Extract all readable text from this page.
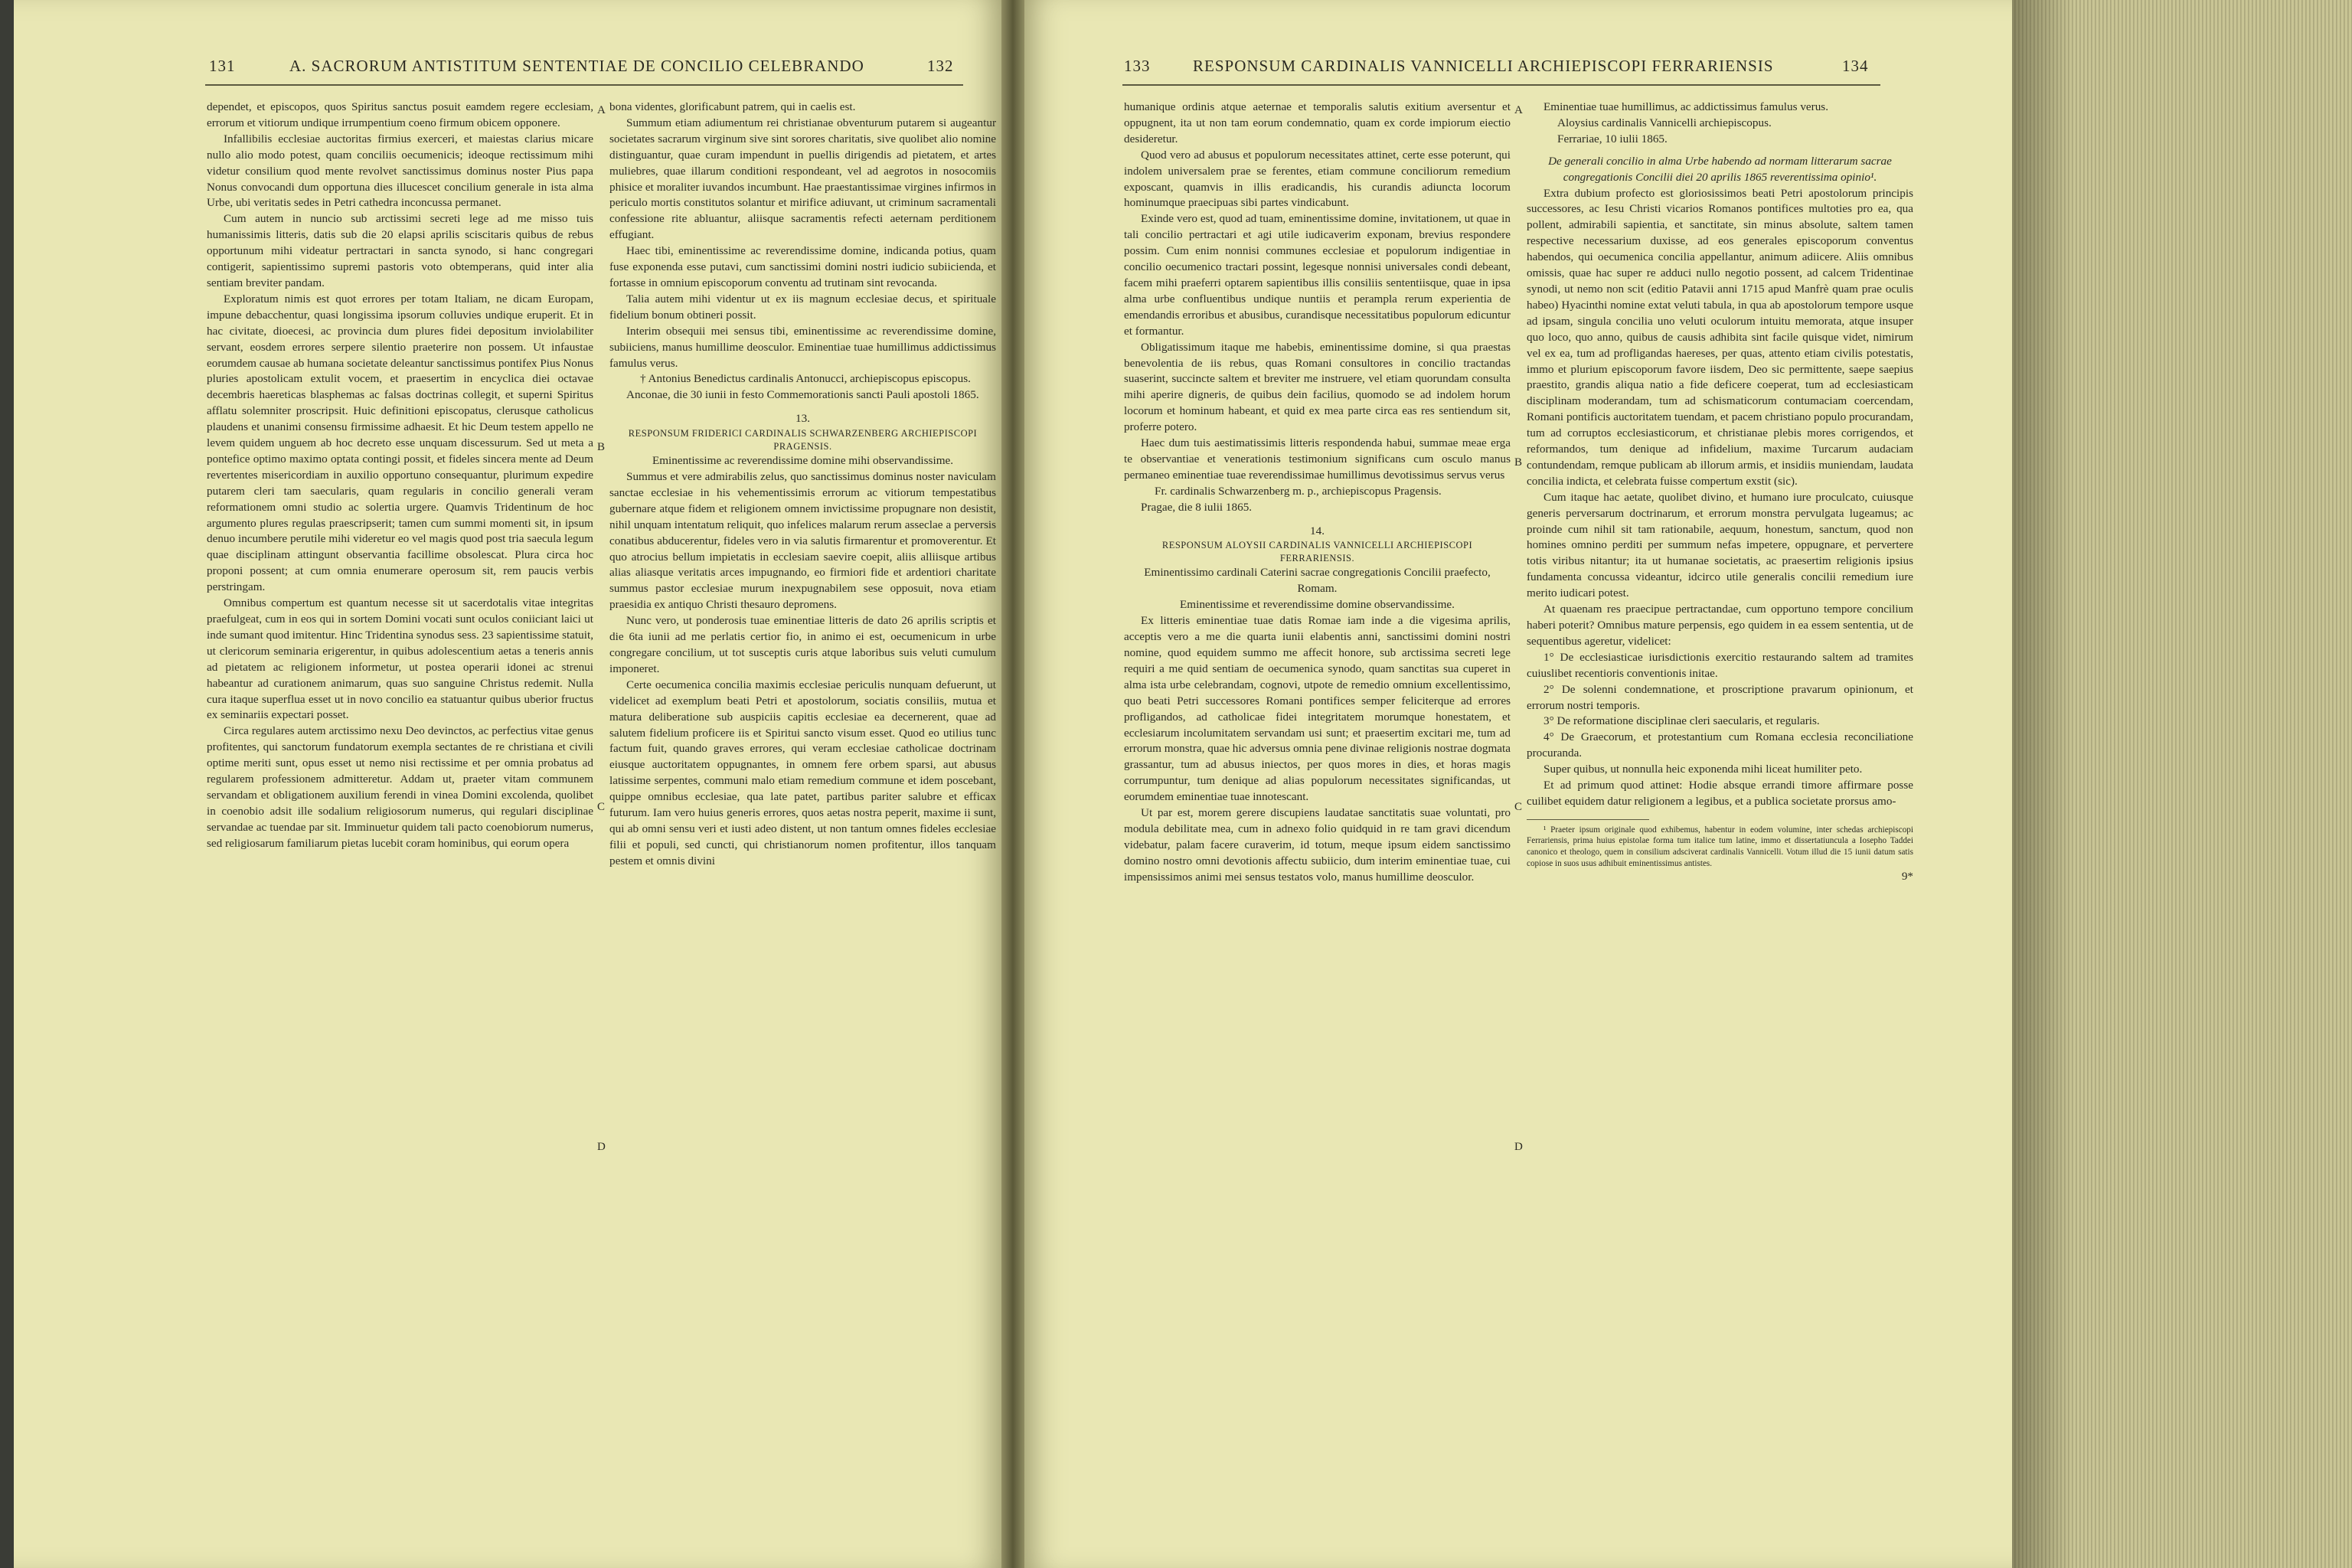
131	A. SACRORUM ANTISTITUM SENTENTIAE DE CONCILIO CELEBRANDO	132

dependet, et episcopos, quos Spiritus sanctus posuit eamdem regere ecclesiam, errorum et vitiorum undique irrumpentium coeno firmum obicem opponere.

Infallibilis ecclesiae auctoritas firmius exerceri, et maiestas clarius micare nullo alio modo potest, quam conciliis oecumenicis; ideoque rectissimum mihi videtur consilium quod mente revolvet sanctissimus dominus noster Pius papa Nonus convocandi dum opportuna dies illucescet concilium generale in ista alma Urbe, ubi veritatis sedes in Petri cathedra inconcussa permanet.

Cum autem in nuncio sub arctissimi secreti lege ad me misso tuis humanissimis litteris, datis sub die 20 elapsi aprilis sciscitaris quibus de rebus opportunum mihi videatur pertractari in sancta synodo, si hanc congregari contigerit, sapientissimo supremi pastoris voto obtemperans, quid inter alia sentiam breviter pandam.

Exploratum nimis est quot errores per totam Italiam, ne dicam Europam, impune debacchentur, quasi longissima ipsorum colluvies undique eruperit. Et in hac civitate, dioecesi, ac provincia dum plures fidei depositum inviolabiliter servant, eosdem errores serpere silentio praeterire non possem. Ut infaustae eorumdem causae ab humana societate deleantur sanctissimus pontifex Pius Nonus pluries apostolicam extulit vocem, et praesertim in encyclica diei octavae decembris haereticas blasphemas ac falsas doctrinas collegit, et superni Spiritus afflatu solemniter proscripsit. Huic definitioni episcopatus, clerusque catholicus plaudens et unanimi consensu firmissime adhaesit. Et hic Deum testem appello ne levem quidem unguem ab hoc decreto esse unquam discessurum. Sed ut meta a pontefice optimo maximo optata contingi possit, et fideles sincera mente ad Deum revertentes misericordiam in auxilio opportuno consequantur, plurimum expedire putarem cleri tam saecularis, quam regularis in concilio generali veram reformationem omni studio ac solertia urgere. Quamvis Tridentinum de hoc argumento plures regulas praescripserit; tamen cum summi momenti sit, in ipsum denuo incumbere perutile mihi videretur eo vel magis quod post tria saecula legum quae disciplinam attingunt observantia facillime obsolescat. Plura circa hoc proponi possent; at cum omnia enumerare operosum sit, rem paucis verbis perstringam.

Omnibus compertum est quantum necesse sit ut sacerdotalis vitae integritas praefulgeat, cum in eos qui in sortem Domini vocati sunt oculos coniiciant laici ut inde sumant quod imitentur. Hinc Tridentina synodus sess. 23 sapientissime statuit, ut clericorum seminaria erigerentur, in quibus adolescentium aetas a teneris annis ad pietatem ac religionem informetur, ut postea operarii idonei ac strenui habeantur ad curationem animarum, quas suo sanguine Christus redemit. Nulla cura itaque superflua esset ut in novo concilio ea statuantur quibus uberior fructus ex seminariis expectari posset.

Circa regulares autem arctissimo nexu Deo devinctos, ac perfectius vitae genus profitentes, qui sanctorum fundatorum exempla sectantes de re christiana et civili optime meriti sunt, opus esset ut nemo nisi rectissime et per omnia probatus ad regularem professionem admitteretur. Addam ut, praeter vitam communem servandam et obligationem auxilium ferendi in vinea Domini excolenda, quolibet in coenobio adsit ille sodalium religiosorum numerus, qui regulari disciplinae servandae ac tuendae par sit. Imminuetur quidem tali pacto coenobiorum numerus, sed religiosarum familiarum pietas lucebit coram hominibus, qui eorum opera

A
B
C
D

bona videntes, glorificabunt patrem, qui in caelis est.

Summum etiam adiumentum rei christianae obventurum putarem si augeantur societates sacrarum virginum sive sint sorores charitatis, sive quolibet alio nomine distinguantur, quae curam impendunt in puellis dirigendis ad pietatem, et artes muliebres, quae illarum conditioni respondeant, vel ad aegrotos in nosocomiis phisice et moraliter iuvandos incumbunt. Hae praestantissimae virgines infirmos in periculo mortis constitutos solantur et mirifice adiuvant, ut criminum sacramentali confessione rite abluantur, aliisque sacramentis refecti aeternam perditionem effugiant.

Haec tibi, eminentissime ac reverendissime domine, indicanda potius, quam fuse exponenda esse putavi, cum sanctissimi domini nostri iudicio subiicienda, et fortasse in omnium episcoporum conventu ad trutinam sint revocanda.

Talia autem mihi videntur ut ex iis magnum ecclesiae decus, et spirituale fidelium bonum obtineri possit.

Interim obsequii mei sensus tibi, eminentissime ac reverendissime domine, subiiciens, manus humillime deosculor. Eminentiae tuae humillimus addictissimus famulus verus.

† Antonius Benedictus cardinalis Antonucci, archiepiscopus episcopus.

Anconae, die 30 iunii in festo Commemorationis sancti Pauli apostoli 1865.

13.

RESPONSUM FRIDERICI CARDINALIS SCHWARZENBERG ARCHIEPISCOPI PRAGENSIS.

Eminentissime ac reverendissime domine mihi observandissime.

Summus et vere admirabilis zelus, quo sanctissimus dominus noster naviculam sanctae ecclesiae in his vehementissimis errorum ac vitiorum tempestatibus gubernare atque fidem et religionem omnem invictissime propugnare non desistit, nihil unquam intentatum reliquit, quo infelices malarum rerum asseclae a perversis conatibus abducerentur, fideles vero in via salutis firmarentur et promoverentur. Et quo atrocius bellum impietatis in ecclesiam saevire coepit, aliis alliisque artibus alias aliasque veritatis arces impugnando, eo firmiori fide et ardentiori charitate summus pastor ecclesiae murum inexpugnabilem sese opposuit, nova etiam praesidia ex antiquo Christi thesauro depromens.

Nunc vero, ut ponderosis tuae eminentiae litteris de dato 26 aprilis scriptis et die 6ta iunii ad me perlatis certior fio, in animo ei est, oecumenicum in urbe congregare concilium, ut tot susceptis curis atque laboribus suis veluti cumulum imponeret.

Certe oecumenica concilia maximis ecclesiae periculis nunquam defuerunt, ut videlicet ad exemplum beati Petri et apostolorum, sociatis consiliis, mutua et matura deliberatione sub auspiciis capitis ecclesiae ea decernerent, quae ad salutem fidelium proficere iis et Spiritui sancto visum esset. Quod eo utilius tunc factum fuit, quando graves errores, qui veram ecclesiae catholicae doctrinam eiusque auctoritatem oppugnantes, in omnem fere orbem sparsi, aut abusus latissime serpentes, communi malo etiam remedium commune et idem poscebant, quippe omnibus ecclesiae, qua late patet, partibus pariter salubre et efficax futurum. Iam vero huius generis errores, quos aetas nostra peperit, maxime ii sunt, qui ab omni sensu veri et iusti adeo distent, ut non tantum omnes fideles ecclesiae filii et populi, sed cuncti, qui christianorum nomen profitentur, illos tanquam pestem et omnis divini

133	RESPONSUM CARDINALIS VANNICELLI ARCHIEPISCOPI FERRARIENSIS	134

humanique ordinis atque aeternae et temporalis salutis exitium aversentur et oppugnent, ita ut non tam eorum condemnatio, quam ex corde impiorum eiectio desideretur.

Quod vero ad abusus et populorum necessitates attinet, certe esse poterunt, qui indolem universalem prae se ferentes, etiam commune conciliorum remedium exposcant, quamvis in illis eradicandis, his curandis adiuncta locorum hominumque praecipuas sibi partes vindicabunt.

Exinde vero est, quod ad tuam, eminentissime domine, invitationem, ut quae in tali concilio pertractari et agi utile iudicaverim exponam, brevius respondere possim. Cum enim nonnisi communes ecclesiae et populorum indigentiae in concilio oecumenico tractari possint, legesque nonnisi universales condi debeant, facem mihi praeferri optarem sapientibus illis consiliis sententiisque, quae in ipsa alma urbe confluentibus undique nuntiis et perampla rerum experientia de emendandis erroribus et abusibus, curandisque necessitatibus populorum edicuntur et formantur.

Obligatissimum itaque me habebis, eminentissime domine, si qua praestas benevolentia de iis rebus, quas Romani consultores in concilio tractandas suaserint, succincte saltem et breviter me instruere, vel etiam quorundam consulta mihi aperire digneris, de quibus dein facilius, quomodo se ad indolem horum locorum et hominum habeant, et quid ex mea parte circa eas res sentiendum sit, proferre potero.

Haec dum tuis aestimatissimis litteris respondenda habui, summae meae erga te observantiae et venerationis testimonium significans cum osculo manus permaneo eminentiae tuae reverendissimae humillimus devotissimus servus verus

Fr. cardinalis Schwarzenberg m. p., archiepiscopus Pragensis.

Pragae, die 8 iulii 1865.

14.

RESPONSUM ALOYSII CARDINALIS VANNICELLI ARCHIEPISCOPI FERRARIENSIS.

Eminentissimo cardinali Caterini sacrae congregationis Concilii praefecto, Romam.

Eminentissime et reverendissime domine observandissime.

Ex litteris eminentiae tuae datis Romae iam inde a die vigesima aprilis, acceptis vero a me die quarta iunii elabentis anni, sanctissimi domini nostri nomine, quod equidem summo me affecit honore, sub arctissima secreti lege requiri a me quid sentiam de oecumenica synodo, quam sanctitas sua cuperet in alma ista urbe celebrandam, cognovi, utpote de remedio omnium excellentissimo, quo beati Petri successores Romani pontifices semper feliciterque ad errores profligandos, ad catholicae fidei integritatem morumque honestatem, et ecclesiarum incolumitatem servandam usi sunt; et praesertim excitari me, tum ad errorum monstra, quae hic adversus omnia pene divinae religionis nostrae dogmata grassantur, tum ad abusus iniectos, per quos mores in dies, et horas magis corrumpuntur, tum denique ad alias populorum necessitates significandas, ut eorumdem eminentiae tuae innotescant.

Ut par est, morem gerere discupiens laudatae sanctitatis suae voluntati, pro modula debilitate mea, cum in adnexo folio quidquid in re tam gravi dicendum videbatur, palam facere curaverim, id totum, meque ipsum eidem sanctissimo domino nostro omni devotionis affectu subiicio, dum interim eminentiae tuae, cui impensissimos animi mei sensus testatos volo, manus humillime deosculor.

A
B
C
D

Eminentiae tuae humillimus, ac addictissimus famulus verus.

Aloysius cardinalis Vannicelli archiepiscopus.

Ferrariae, 10 iulii 1865.

De generali concilio in alma Urbe habendo ad normam litterarum sacrae congregationis Concilii diei 20 aprilis 1865 reverentissima opinio¹.

Extra dubium profecto est gloriosissimos beati Petri apostolorum principis successores, ac Iesu Christi vicarios Romanos pontifices multoties pro ea, qua pollent, admirabili sapientia, et sanctitate, sin minus absolute, saltem tamen respective necessarium duxisse, ad eos generales episcoporum conventus habendos, qui oecumenica concilia appellantur, animum adiicere. Aliis omnibus omissis, quae hac super re adduci nullo negotio possent, ad calcem Tridentinae synodi, ut nemo non scit (editio Patavii anni 1715 apud Manfrè quam prae oculis habeo) Hyacinthi nomine extat veluti tabula, in qua ab apostolorum tempore usque ad ipsam, singula concilia uno veluti oculorum intuitu memorata, atque insuper quo loco, quo anno, quibus de causis adhibita sint facile quisque videt, nimirum vel ex ea, tum ad profligandas haereses, per quas, attento etiam civilis potestatis, immo et plurium episcoporum favore iisdem, Deo sic permittente, saepe saepius praestito, grandis aliqua natio a fide deficere coeperat, tum ad ecclesiasticam disciplinam moderandam, tum ad schismaticorum contumaciam coercendam, Romani pontificis auctoritatem tuendam, et pacem christiano populo procurandam, tum ad corruptos ecclesiasticorum, et christianae plebis mores corrigendos, et reformandos, tum denique ad infidelium, maxime Turcarum audaciam contundendam, remque publicam ab illorum armis, et insidiis muniendam, laudata concilia indicta, et celebrata fuisse compertum exstit (sic).

Cum itaque hac aetate, quolibet divino, et humano iure proculcato, cuiusque generis perversarum doctrinarum, et errorum monstra pervulgata lugeamus; ac proinde cum nihil sit tam rationabile, aequum, honestum, sanctum, quod non homines omnino perditi per summum nefas impetere, oppugnare, et pervertere totis viribus nitantur; ita ut humanae societatis, ac praesertim religionis ipsius fundamenta concussa videantur, idcirco utile generalis concilii remedium iure merito iudicari potest.

At quaenam res praecipue pertractandae, cum opportuno tempore concilium haberi poterit? Omnibus mature perpensis, ego quidem in ea essem sententia, ut de sequentibus ageretur, videlicet:

1° De ecclesiasticae iurisdictionis exercitio restaurando saltem ad tramites cuiuslibet recentioris conventionis initae.

2° De solenni condemnatione, et proscriptione pravarum opinionum, et errorum nostri temporis.

3° De reformatione disciplinae cleri saecularis, et regularis.

4° De Graecorum, et protestantium cum Romana ecclesia reconciliatione procuranda.

Super quibus, ut nonnulla heic exponenda mihi liceat humiliter peto.

Et ad primum quod attinet: Hodie absque errandi timore affirmare posse cuilibet equidem datur religionem a legibus, et a publica societate prorsus amo-

¹ Praeter ipsum originale quod exhibemus, habentur in eodem volumine, inter schedas archiepiscopi Ferrariensis, prima huius epistolae forma tum italice tum latine, immo et dissertatiuncula a Iosepho Taddei canonico et theologo, quem in consilium adsciverat cardinalis Vannicelli. Votum illud die 15 iunii datum satis copiose in suos usus adhibuit eminentissimus antistes.

9*
